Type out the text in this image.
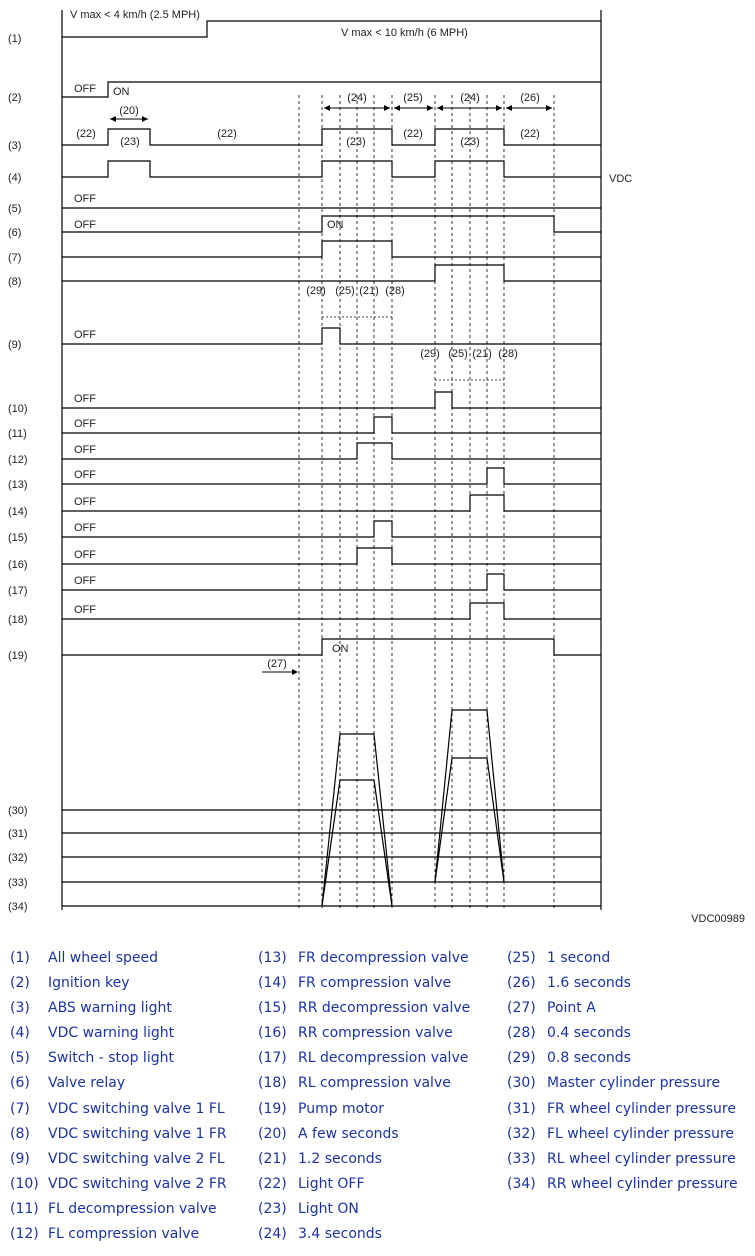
(1)
(2)
(3)
(4)
(5)
(6)
(7)
(8)
(9)
(10)
(11)
(12)
(13)
(14)
(15)
(16)
(17)
(18)
(19)
(30)
(31)
(32)
(33)
(34)
V max < 4 km/h (2.5 MPH)
V max < 10 km/h (6 MPH)
OFF ON
(20)
(22)
(23)
(22)
(23)
(22)
(23)
(22)
(24)	(25)	(24)	(26)
VDC
OFF
OFF	ON
(29) (25) (21) (28)
(29) (25) (21) (28)
OFF
OFF
OFF
OFF
OFF
OFF
OFF
OFF
OFF
OFF
ON
(27)
VDC00989
(1) All wheel speed
(2) Ignition key
(3) ABS warning light
(4) VDC warning light
(5) Switch - stop light
(6) Valve relay
(7) VDC switching valve 1 FL
(8) VDC switching valve 1 FR
(9) VDC switching valve 2 FL
(10) VDC switching valve 2 FR
(11) FL decompression valve
(12) FL compression valve
(13) FR decompression valve
(14) FR compression valve
(15) RR decompression valve
(16) RR compression valve
(17) RL decompression valve
(18) RL compression valve
(19) Pump motor
(20) A few seconds
(21) 1.2 seconds
(22) Light OFF
(23) Light ON
(24) 3.4 seconds
(25) 1 second
(26) 1.6 seconds
(27) Point A
(28) 0.4 seconds
(29) 0.8 seconds
(30) Master cylinder pressure
(31) FR wheel cylinder pressure
(32) FL wheel cylinder pressure
(33) RL wheel cylinder pressure
(34) RR wheel cylinder pressure
